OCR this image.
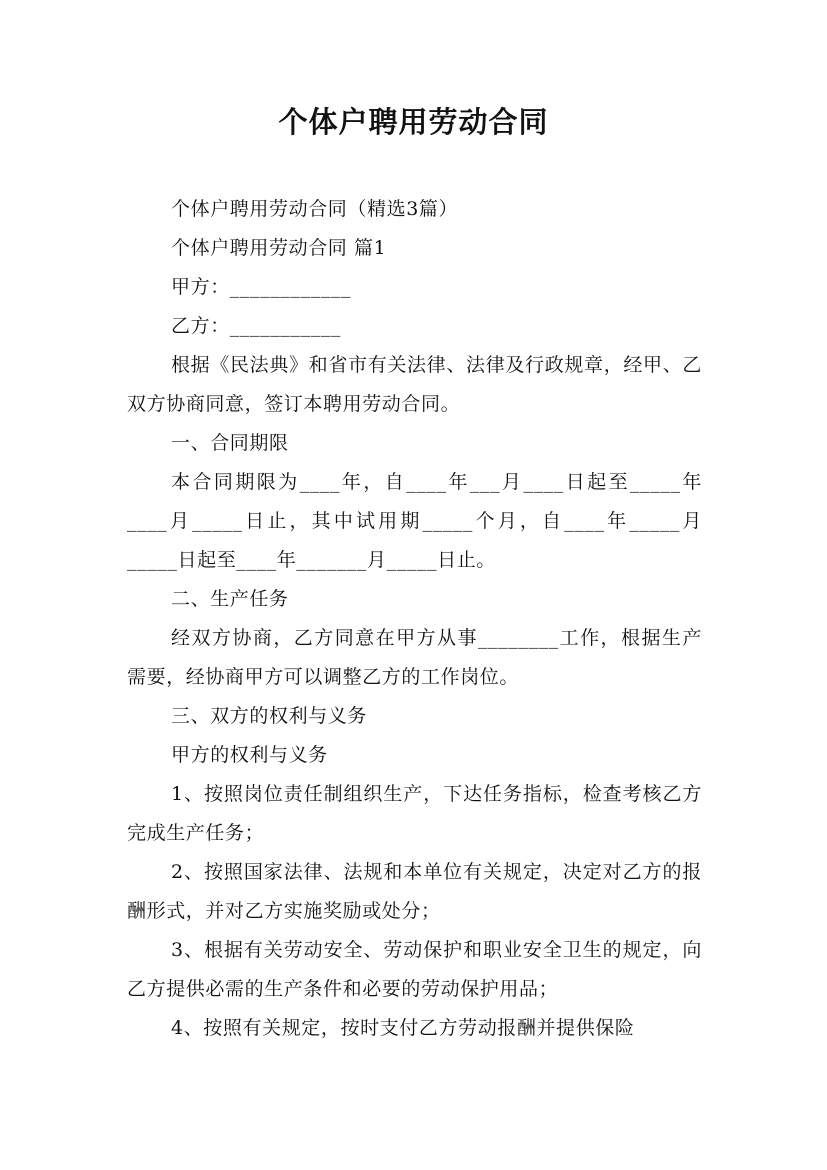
个体户聘用劳动合同

个体户聘用劳动合同（精选3篇）

个体户聘用劳动合同 篇1

甲方：____________

乙方：___________

根据《民法典》和省市有关法律、法律及行政规章，经甲、乙双方协商同意，签订本聘用劳动合同。

一、合同期限

本合同期限为____年，自____年___月____日起至_____年____月_____日止，其中试用期_____个月，自____年_____月_____日起至____年_______月_____日止。

二、生产任务

经双方协商，乙方同意在甲方从事________工作，根据生产需要，经协商甲方可以调整乙方的工作岗位。

三、双方的权利与义务

甲方的权利与义务

1、按照岗位责任制组织生产，下达任务指标，检查考核乙方完成生产任务；

2、按照国家法律、法规和本单位有关规定，决定对乙方的报酬形式，并对乙方实施奖励或处分；

3、根据有关劳动安全、劳动保护和职业安全卫生的规定，向乙方提供必需的生产条件和必要的劳动保护用品；

4、按照有关规定，按时支付乙方劳动报酬并提供保险
